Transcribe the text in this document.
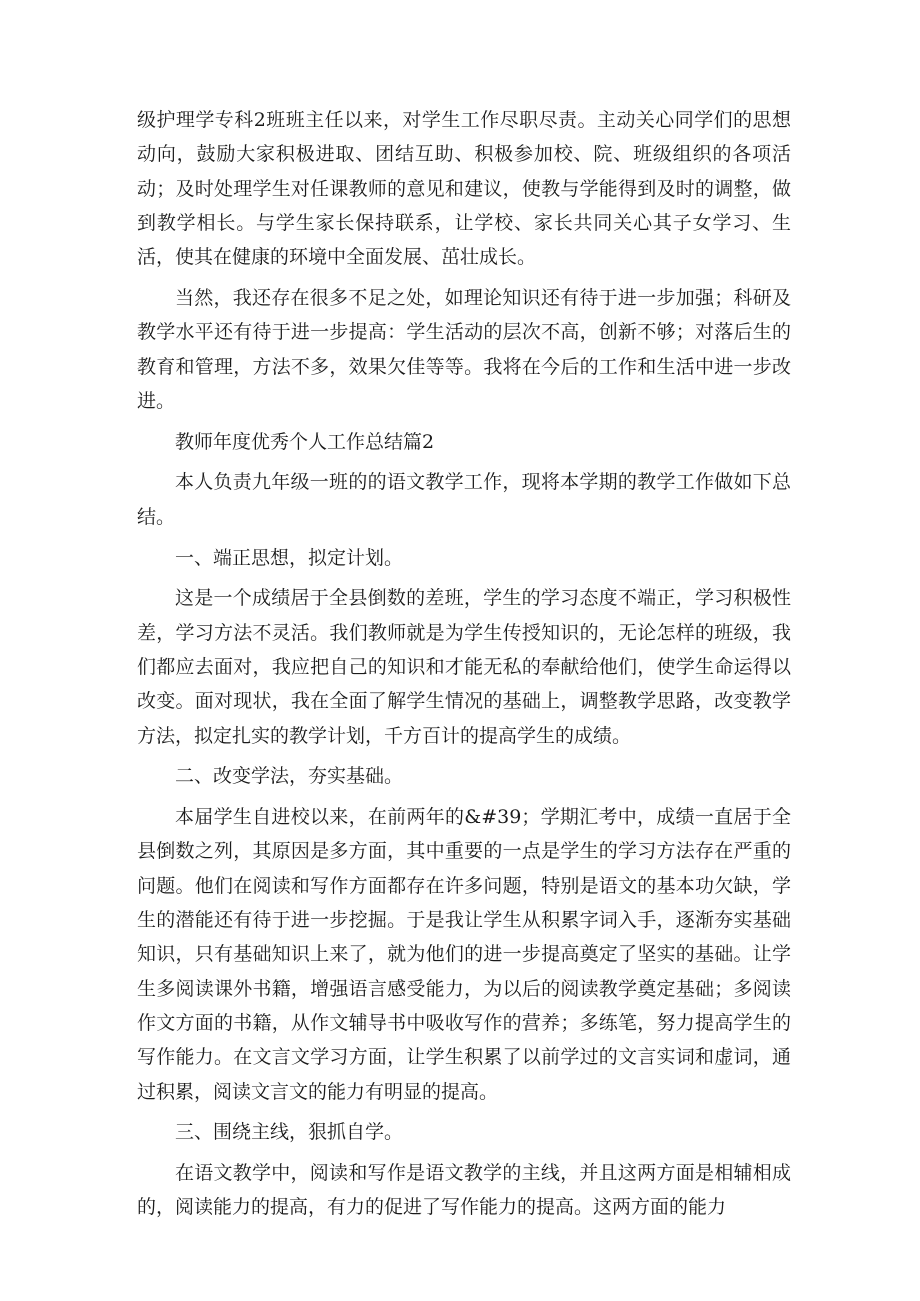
级护理学专科2班班主任以来，对学生工作尽职尽责。主动关心同学们的思想动向，鼓励大家积极进取、团结互助、积极参加校、院、班级组织的各项活动；及时处理学生对任课教师的意见和建议，使教与学能得到及时的调整，做到教学相长。与学生家长保持联系，让学校、家长共同关心其子女学习、生活，使其在健康的环境中全面发展、茁壮成长。

当然，我还存在很多不足之处，如理论知识还有待于进一步加强；科研及教学水平还有待于进一步提高：学生活动的层次不高，创新不够；对落后生的教育和管理，方法不多，效果欠佳等等。我将在今后的工作和生活中进一步改进。

教师年度优秀个人工作总结篇2

本人负责九年级一班的的语文教学工作，现将本学期的教学工作做如下总结。

一、端正思想，拟定计划。

这是一个成绩居于全县倒数的差班，学生的学习态度不端正，学习积极性差，学习方法不灵活。我们教师就是为学生传授知识的，无论怎样的班级，我们都应去面对，我应把自己的知识和才能无私的奉献给他们，使学生命运得以改变。面对现状，我在全面了解学生情况的基础上，调整教学思路，改变教学方法，拟定扎实的教学计划，千方百计的提高学生的成绩。

二、改变学法，夯实基础。

本届学生自进校以来，在前两年的&#39；学期汇考中，成绩一直居于全县倒数之列，其原因是多方面，其中重要的一点是学生的学习方法存在严重的问题。他们在阅读和写作方面都存在许多问题，特别是语文的基本功欠缺，学生的潜能还有待于进一步挖掘。于是我让学生从积累字词入手，逐渐夯实基础知识，只有基础知识上来了，就为他们的进一步提高奠定了坚实的基础。让学生多阅读课外书籍，增强语言感受能力，为以后的阅读教学奠定基础；多阅读作文方面的书籍，从作文辅导书中吸收写作的营养；多练笔，努力提高学生的写作能力。在文言文学习方面，让学生积累了以前学过的文言实词和虚词，通过积累，阅读文言文的能力有明显的提高。

三、围绕主线，狠抓自学。

在语文教学中，阅读和写作是语文教学的主线，并且这两方面是相辅相成的，阅读能力的提高，有力的促进了写作能力的提高。这两方面的能力
